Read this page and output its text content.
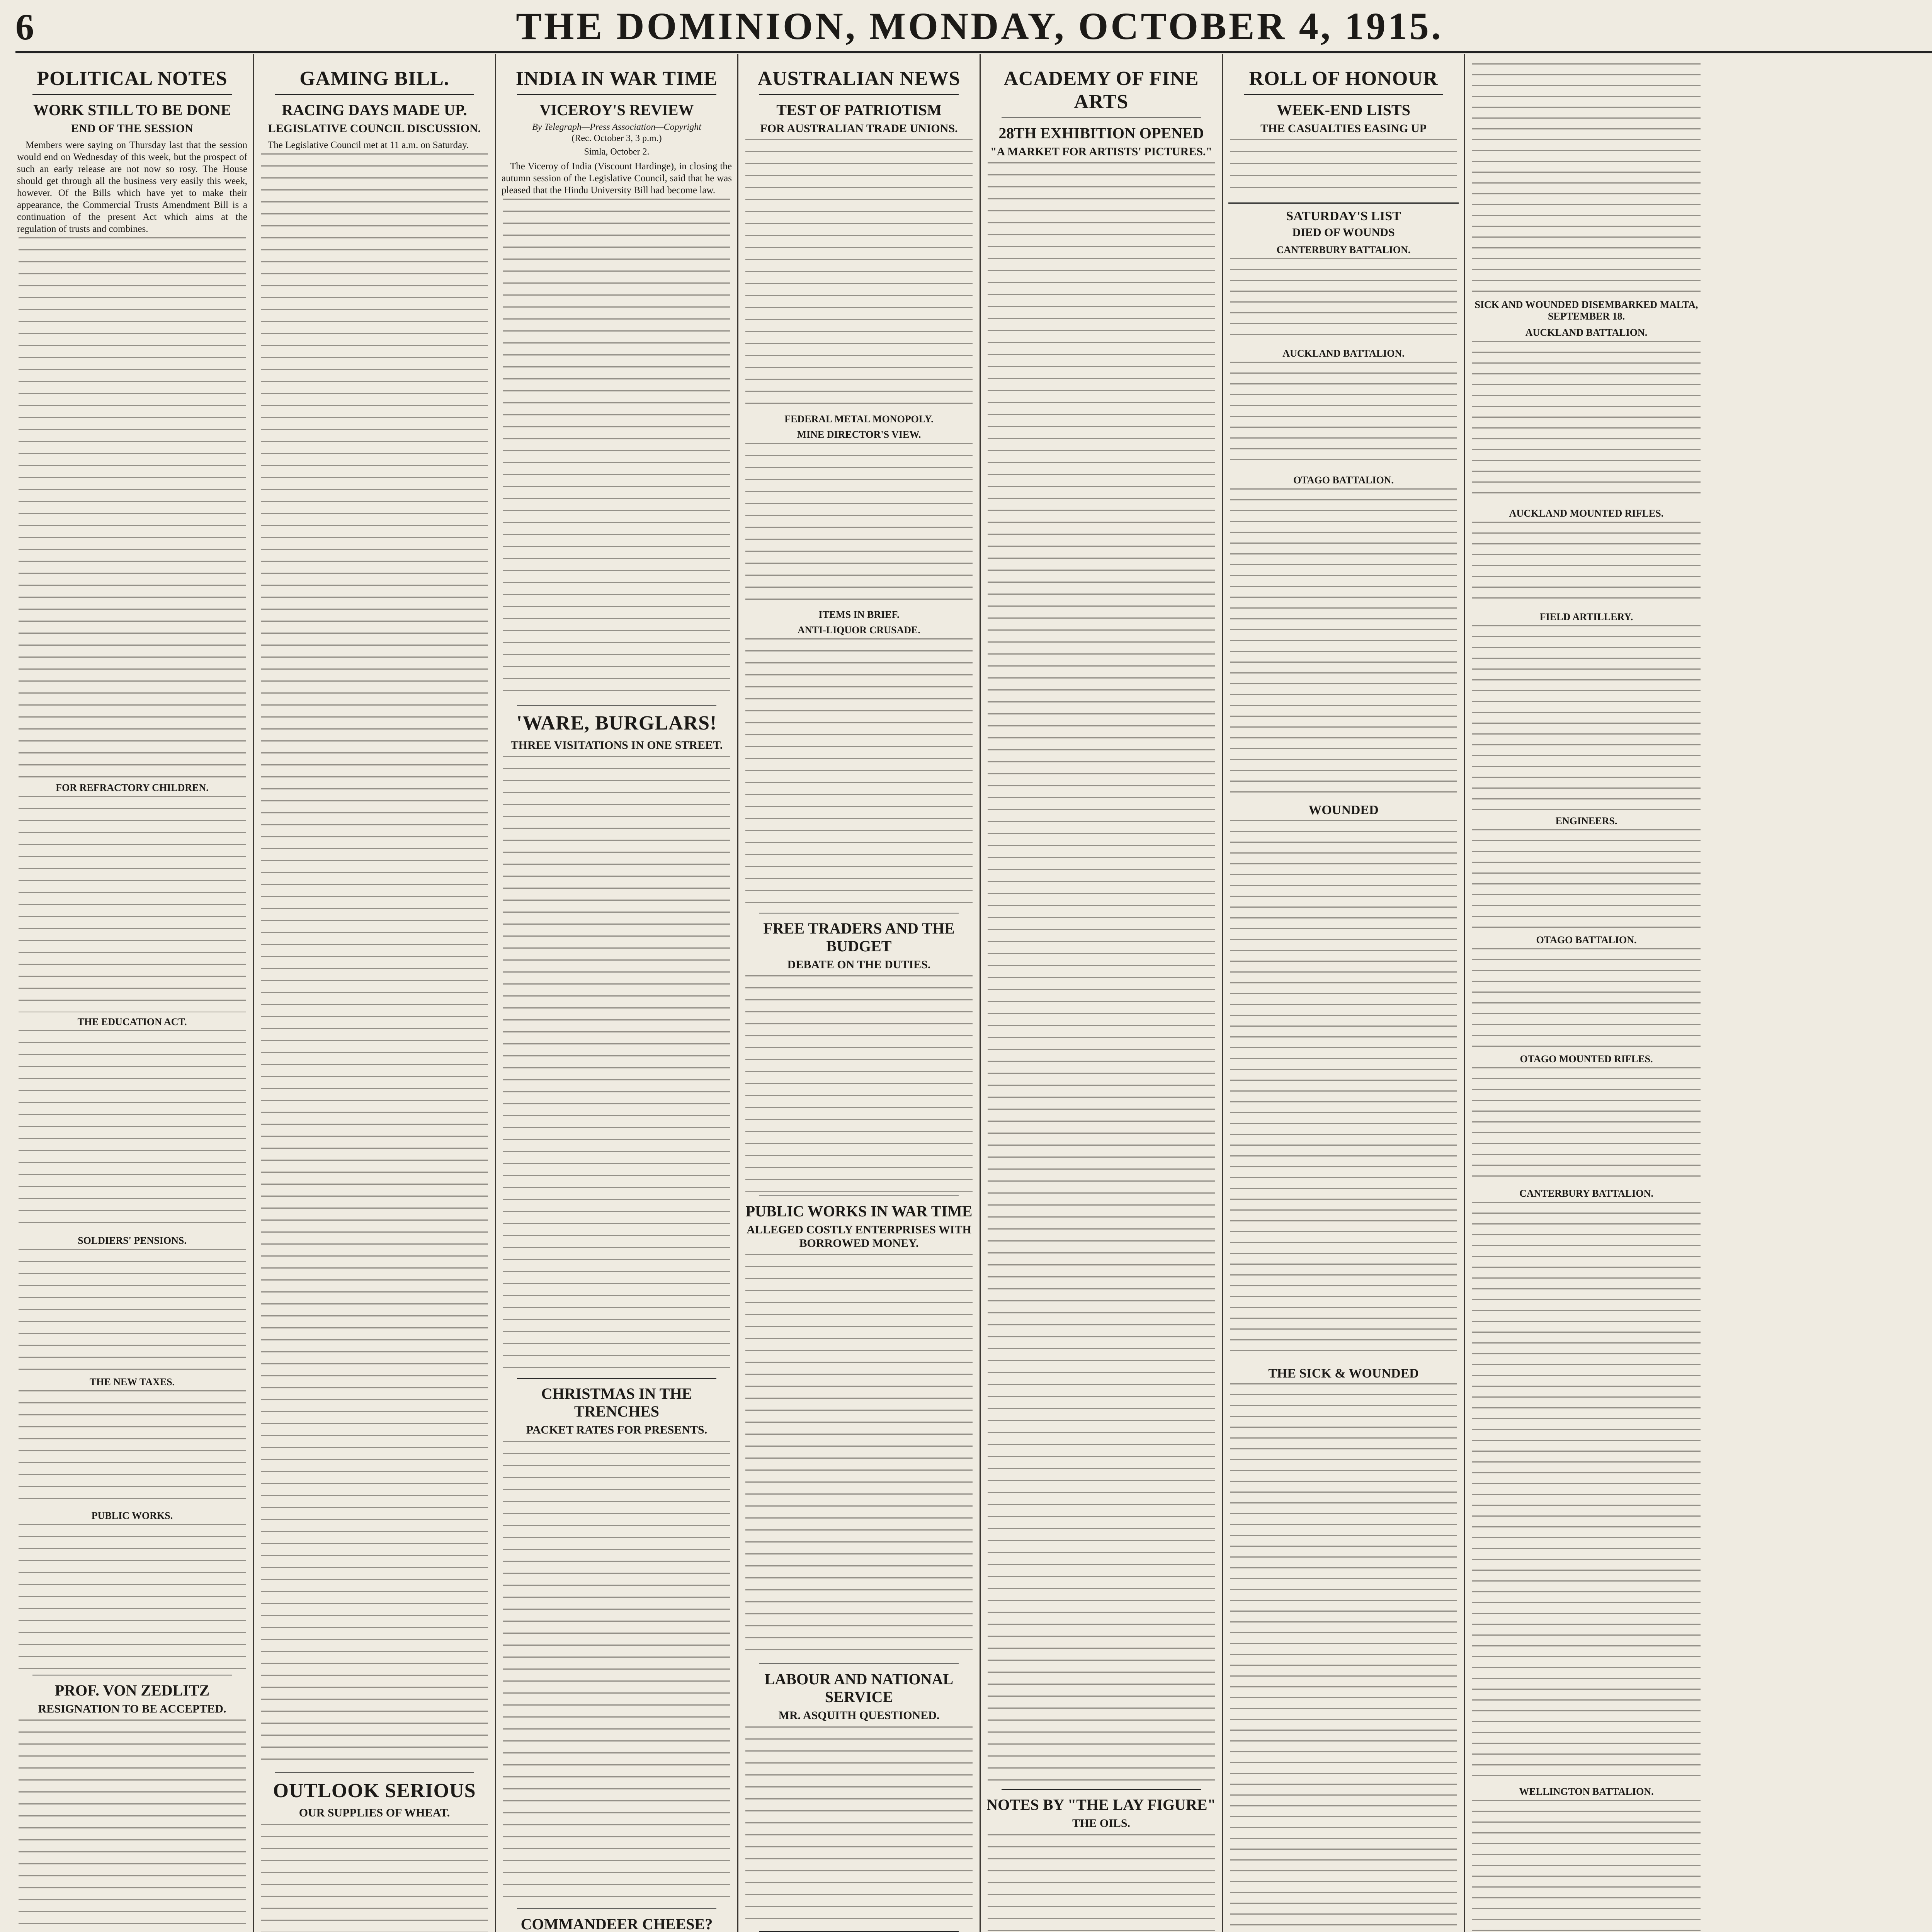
6	THE DOMINION, MONDAY, OCTOBER 4, 1915.
POLITICAL NOTES
WORK STILL TO BE DONE
END OF THE SESSION

Members were saying on Thursday last that the session would end on Wednesday of this week, but the prospect of such an early release are not now so rosy. The House should get through all the business very easily this week, however. Of the Bills which have yet to make their appearance, the Commercial Trusts Amendment Bill is a continuation of the present Act which aims at the regulation of trusts and combines.

FOR REFRACTORY CHILDREN.
THE EDUCATION ACT.
SOLDIERS' PENSIONS.
THE NEW TAXES.
PUBLIC WORKS.
PROF. VON ZEDLITZ
RESIGNATION TO BE ACCEPTED.
GAMING BILL.
RACING DAYS MADE UP.
LEGISLATIVE COUNCIL DISCUSSION.

The Legislative Council met at 11 a.m. on Saturday.

OUTLOOK SERIOUS
OUR SUPPLIES OF WHEAT.
INDIA IN WAR TIME
VICEROY'S REVIEW
By Telegraph—Press Association—Copyright
(Rec. October 3, 3 p.m.)
Simla, October 2.

The Viceroy of India (Viscount Hardinge), in closing the autumn session of the Legislative Council, said that he was pleased that the Hindu University Bill had become law.

'WARE, BURGLARS!
THREE VISITATIONS IN ONE STREET.
CHRISTMAS IN THE TRENCHES
PACKET RATES FOR PRESENTS.
COMMANDEER CHEESE?
AUSTRALIAN NEWS
TEST OF PATRIOTISM
FOR AUSTRALIAN TRADE UNIONS.
FEDERAL METAL MONOPOLY.
MINE DIRECTOR'S VIEW.
ITEMS IN BRIEF.
ANTI-LIQUOR CRUSADE.
FREE TRADERS AND THE BUDGET
DEBATE ON THE DUTIES.
PUBLIC WORKS IN WAR TIME
ALLEGED COSTLY ENTERPRISES WITH BORROWED MONEY.
LABOUR AND NATIONAL SERVICE
MR. ASQUITH QUESTIONED.
ACADEMY OF FINE ARTS
28TH EXHIBITION OPENED
"A MARKET FOR ARTISTS' PICTURES."
NOTES BY "THE LAY FIGURE"
THE OILS.
ROLL OF HONOUR
WEEK-END LISTS
THE CASUALTIES EASING UP
SATURDAY'S LIST
DIED OF WOUNDS
CANTERBURY BATTALION.
AUCKLAND BATTALION.
OTAGO BATTALION.
WOUNDED
THE SICK & WOUNDED
SICK AND WOUNDED DISEMBARKED MALTA, SEPTEMBER 18.
AUCKLAND BATTALION.
AUCKLAND MOUNTED RIFLES.
FIELD ARTILLERY.
ENGINEERS.
OTAGO BATTALION.
OTAGO MOUNTED RIFLES.
CANTERBURY BATTALION.
WELLINGTON BATTALION.
